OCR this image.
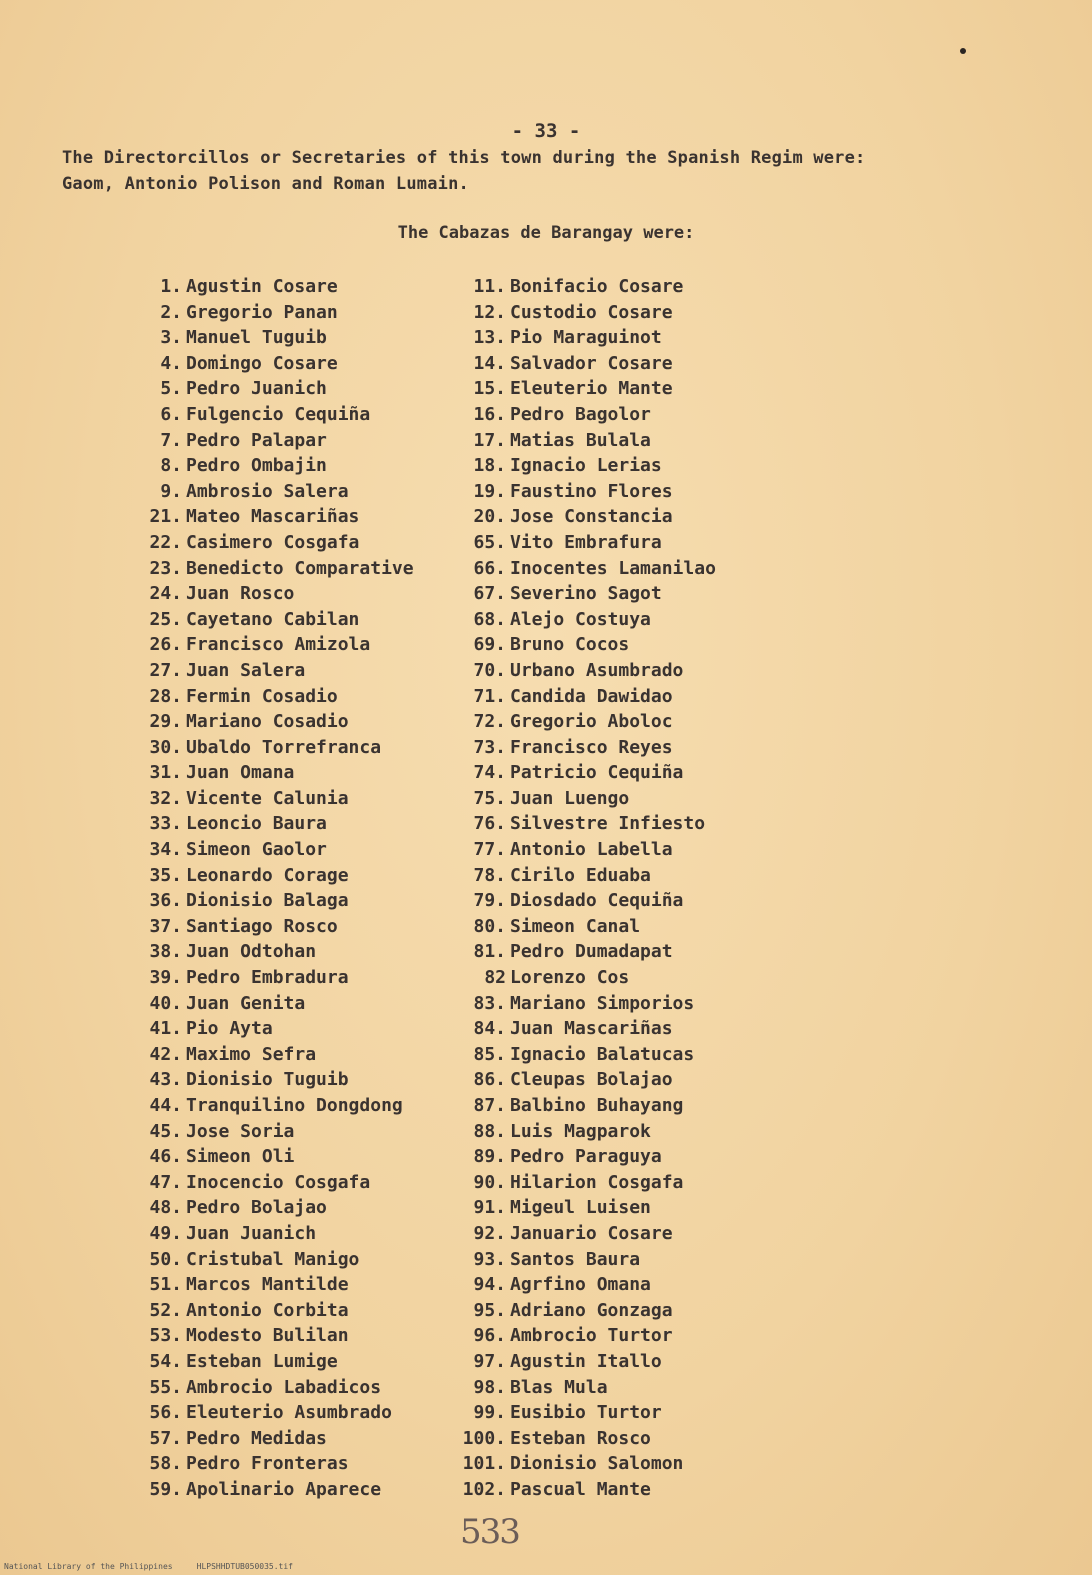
- 33 -
The Directorcillos or Secretaries of this town during the Spanish Regim were:
Gaom, Antonio Polison and Roman Lumain.
The Cabazas de Barangay were:
1. Agustin Cosare
2. Gregorio Panan
3. Manuel Tuguib
4. Domingo Cosare
5. Pedro Juanich
6. Fulgencio Cequiña
7. Pedro Palapar
8. Pedro Ombajin
9. Ambrosio Salera
21. Mateo Mascariñas
22. Casimero Cosgafa
23. Benedicto Comparative
24. Juan Rosco
25. Cayetano Cabilan
26. Francisco Amizola
27. Juan Salera
28. Fermin Cosadio
29. Mariano Cosadio
30. Ubaldo Torrefranca
31. Juan Omana
32. Vicente Calunia
33. Leoncio Baura
34. Simeon Gaolor
35. Leonardo Corage
36. Dionisio Balaga
37. Santiago Rosco
38. Juan Odtohan
39. Pedro Embradura
40. Juan Genita
41. Pio Ayta
42. Maximo Sefra
43. Dionisio Tuguib
44. Tranquilino Dongdong
45. Jose Soria
46. Simeon Oli
47. Inocencio Cosgafa
48. Pedro Bolajao
49. Juan Juanich
50. Cristubal Manigo
51. Marcos Mantilde
52. Antonio Corbita
53. Modesto Bulilan
54. Esteban Lumige
55. Ambrocio Labadicos
56. Eleuterio Asumbrado
57. Pedro Medidas
58. Pedro Fronteras
59. Apolinario Aparece
11. Bonifacio Cosare
12. Custodio Cosare
13. Pio Maraguinot
14. Salvador Cosare
15. Eleuterio Mante
16. Pedro Bagolor
17. Matias Bulala
18. Ignacio Lerias
19. Faustino Flores
20. Jose Constancia
65. Vito Embrafura
66. Inocentes Lamanilao
67. Severino Sagot
68. Alejo Costuya
69. Bruno Cocos
70. Urbano Asumbrado
71. Candida Dawidao
72. Gregorio Aboloc
73. Francisco Reyes
74. Patricio Cequiña
75. Juan Luengo
76. Silvestre Infiesto
77. Antonio Labella
78. Cirilo Eduaba
79. Diosdado Cequiña
80. Simeon Canal
81. Pedro Dumadapat
82 Lorenzo Cos
83. Mariano Simporios
84. Juan Mascariñas
85. Ignacio Balatucas
86. Cleupas Bolajao
87. Balbino Buhayang
88. Luis Magparok
89. Pedro Paraguya
90. Hilarion Cosgafa
91. Migeul Luisen
92. Januario Cosare
93. Santos Baura
94. Agrfino Omana
95. Adriano Gonzaga
96. Ambrocio Turtor
97. Agustin Itallo
98. Blas Mula
99. Eusibio Turtor
100. Esteban Rosco
101. Dionisio Salomon
102. Pascual Mante
533
National Library of the Philippines     HLPSHHDTUB050035.tif
